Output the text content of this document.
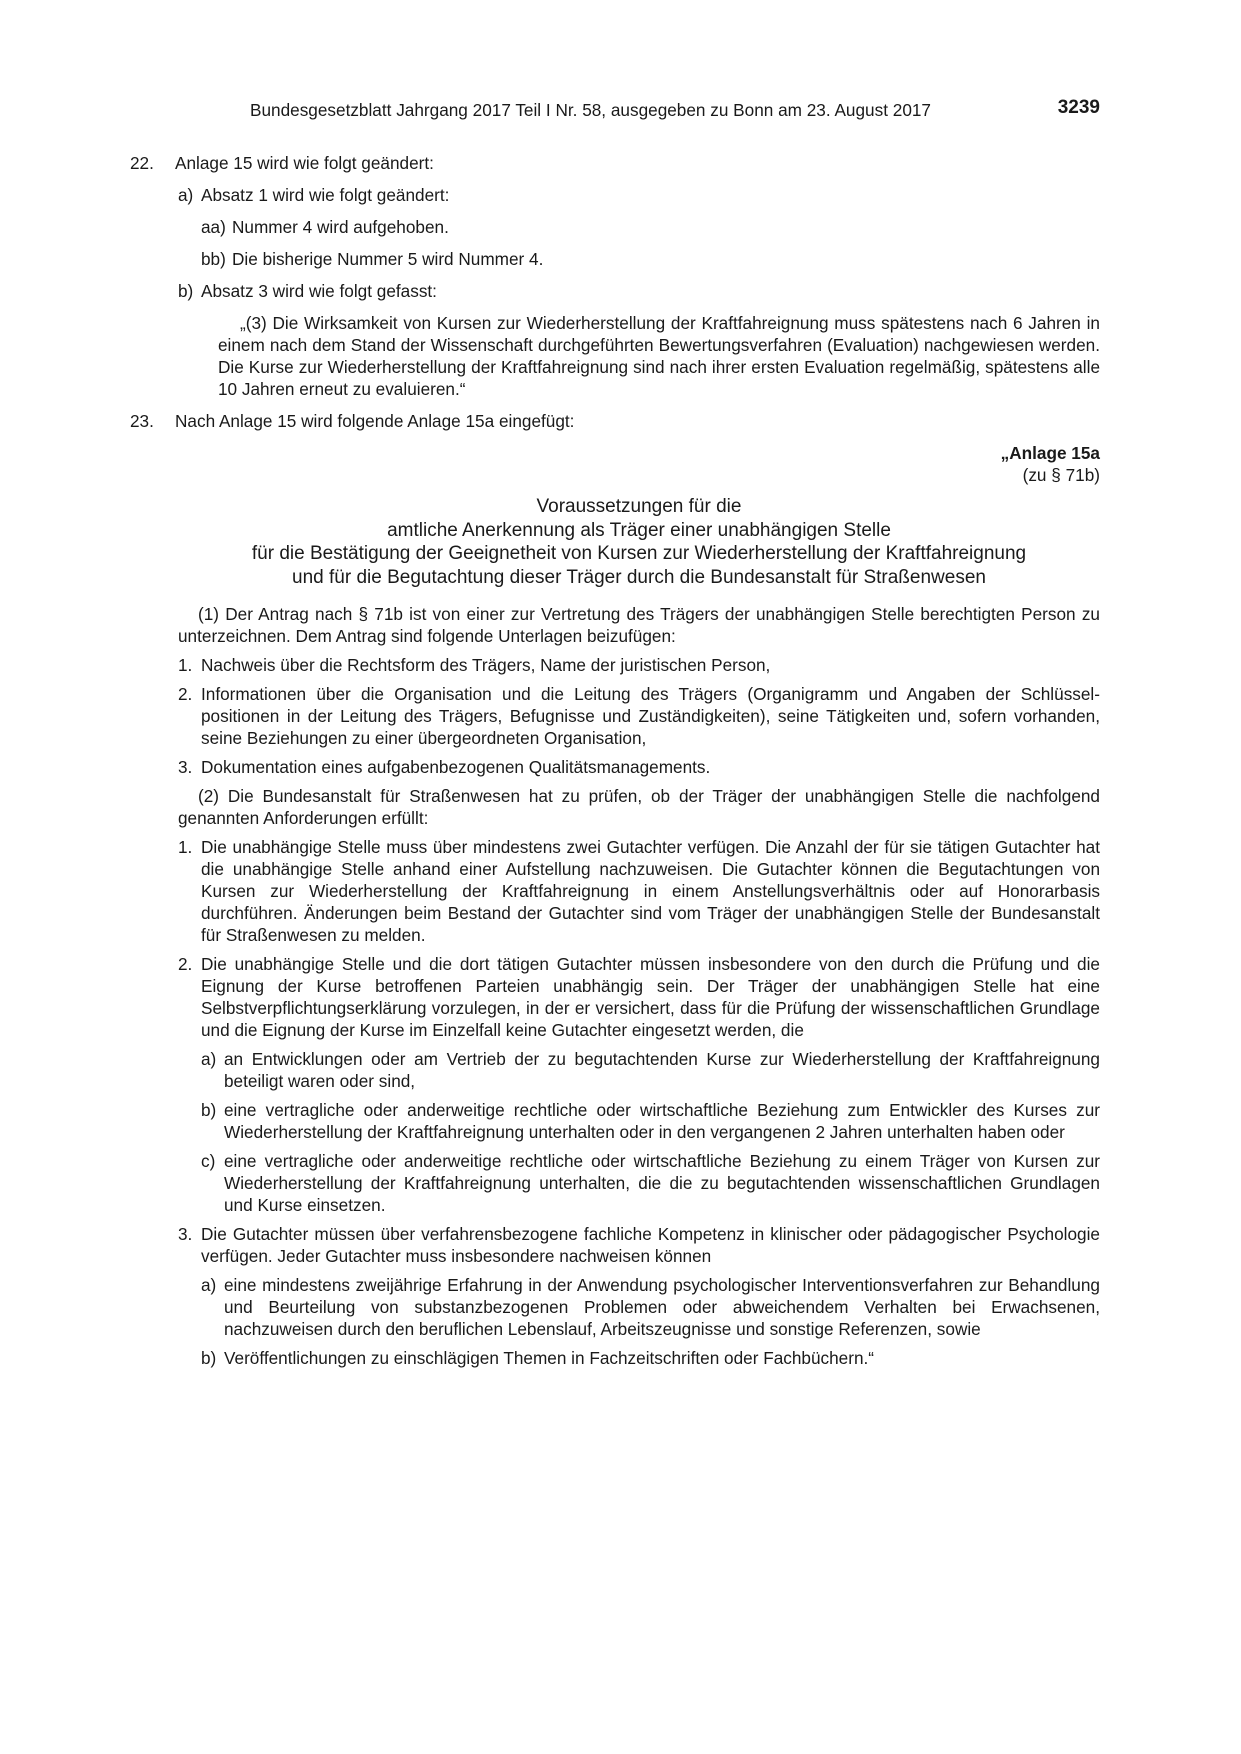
Bundesgesetzblatt Jahrgang 2017 Teil I Nr. 58, ausgegeben zu Bonn am 23. August 2017	3239
22. Anlage 15 wird wie folgt geändert:
a) Absatz 1 wird wie folgt geändert:
aa) Nummer 4 wird aufgehoben.
bb) Die bisherige Nummer 5 wird Nummer 4.
b) Absatz 3 wird wie folgt gefasst:
„(3) Die Wirksamkeit von Kursen zur Wiederherstellung der Kraftfahreignung muss spätestens nach 6 Jahren in einem nach dem Stand der Wissenschaft durchgeführten Bewertungsverfahren (Evaluation) nachgewiesen werden. Die Kurse zur Wiederherstellung der Kraftfahreignung sind nach ihrer ersten Evaluation regelmäßig, spätestens alle 10 Jahren erneut zu evaluieren.“
23. Nach Anlage 15 wird folgende Anlage 15a eingefügt:
„Anlage 15a
(zu § 71b)
Voraussetzungen für die
amtliche Anerkennung als Träger einer unabhängigen Stelle
für die Bestätigung der Geeignetheit von Kursen zur Wiederherstellung der Kraftfahreignung
und für die Begutachtung dieser Träger durch die Bundesanstalt für Straßenwesen
(1) Der Antrag nach § 71b ist von einer zur Vertretung des Trägers der unabhängigen Stelle berechtigten Person zu unterzeichnen. Dem Antrag sind folgende Unterlagen beizufügen:
1. Nachweis über die Rechtsform des Trägers, Name der juristischen Person,
2. Informationen über die Organisation und die Leitung des Trägers (Organigramm und Angaben der Schlüsselpositionen in der Leitung des Trägers, Befugnisse und Zuständigkeiten), seine Tätigkeiten und, sofern vorhanden, seine Beziehungen zu einer übergeordneten Organisation,
3. Dokumentation eines aufgabenbezogenen Qualitätsmanagements.
(2) Die Bundesanstalt für Straßenwesen hat zu prüfen, ob der Träger der unabhängigen Stelle die nachfolgend genannten Anforderungen erfüllt:
1. Die unabhängige Stelle muss über mindestens zwei Gutachter verfügen. Die Anzahl der für sie tätigen Gutachter hat die unabhängige Stelle anhand einer Aufstellung nachzuweisen. Die Gutachter können die Begutachtungen von Kursen zur Wiederherstellung der Kraftfahreignung in einem Anstellungsverhältnis oder auf Honorarbasis durchführen. Änderungen beim Bestand der Gutachter sind vom Träger der unabhängigen Stelle der Bundesanstalt für Straßenwesen zu melden.
2. Die unabhängige Stelle und die dort tätigen Gutachter müssen insbesondere von den durch die Prüfung und die Eignung der Kurse betroffenen Parteien unabhängig sein. Der Träger der unabhängigen Stelle hat eine Selbstverpflichtungserklärung vorzulegen, in der er versichert, dass für die Prüfung der wissenschaftlichen Grundlage und die Eignung der Kurse im Einzelfall keine Gutachter eingesetzt werden, die
a) an Entwicklungen oder am Vertrieb der zu begutachtenden Kurse zur Wiederherstellung der Kraftfahreignung beteiligt waren oder sind,
b) eine vertragliche oder anderweitige rechtliche oder wirtschaftliche Beziehung zum Entwickler des Kurses zur Wiederherstellung der Kraftfahreignung unterhalten oder in den vergangenen 2 Jahren unterhalten haben oder
c) eine vertragliche oder anderweitige rechtliche oder wirtschaftliche Beziehung zu einem Träger von Kursen zur Wiederherstellung der Kraftfahreignung unterhalten, die die zu begutachtenden wissenschaftlichen Grundlagen und Kurse einsetzen.
3. Die Gutachter müssen über verfahrensbezogene fachliche Kompetenz in klinischer oder pädagogischer Psychologie verfügen. Jeder Gutachter muss insbesondere nachweisen können
a) eine mindestens zweijährige Erfahrung in der Anwendung psychologischer Interventionsverfahren zur Behandlung und Beurteilung von substanzbezogenen Problemen oder abweichendem Verhalten bei Erwachsenen, nachzuweisen durch den beruflichen Lebenslauf, Arbeitszeugnisse und sonstige Referenzen, sowie
b) Veröffentlichungen zu einschlägigen Themen in Fachzeitschriften oder Fachbüchern.“
